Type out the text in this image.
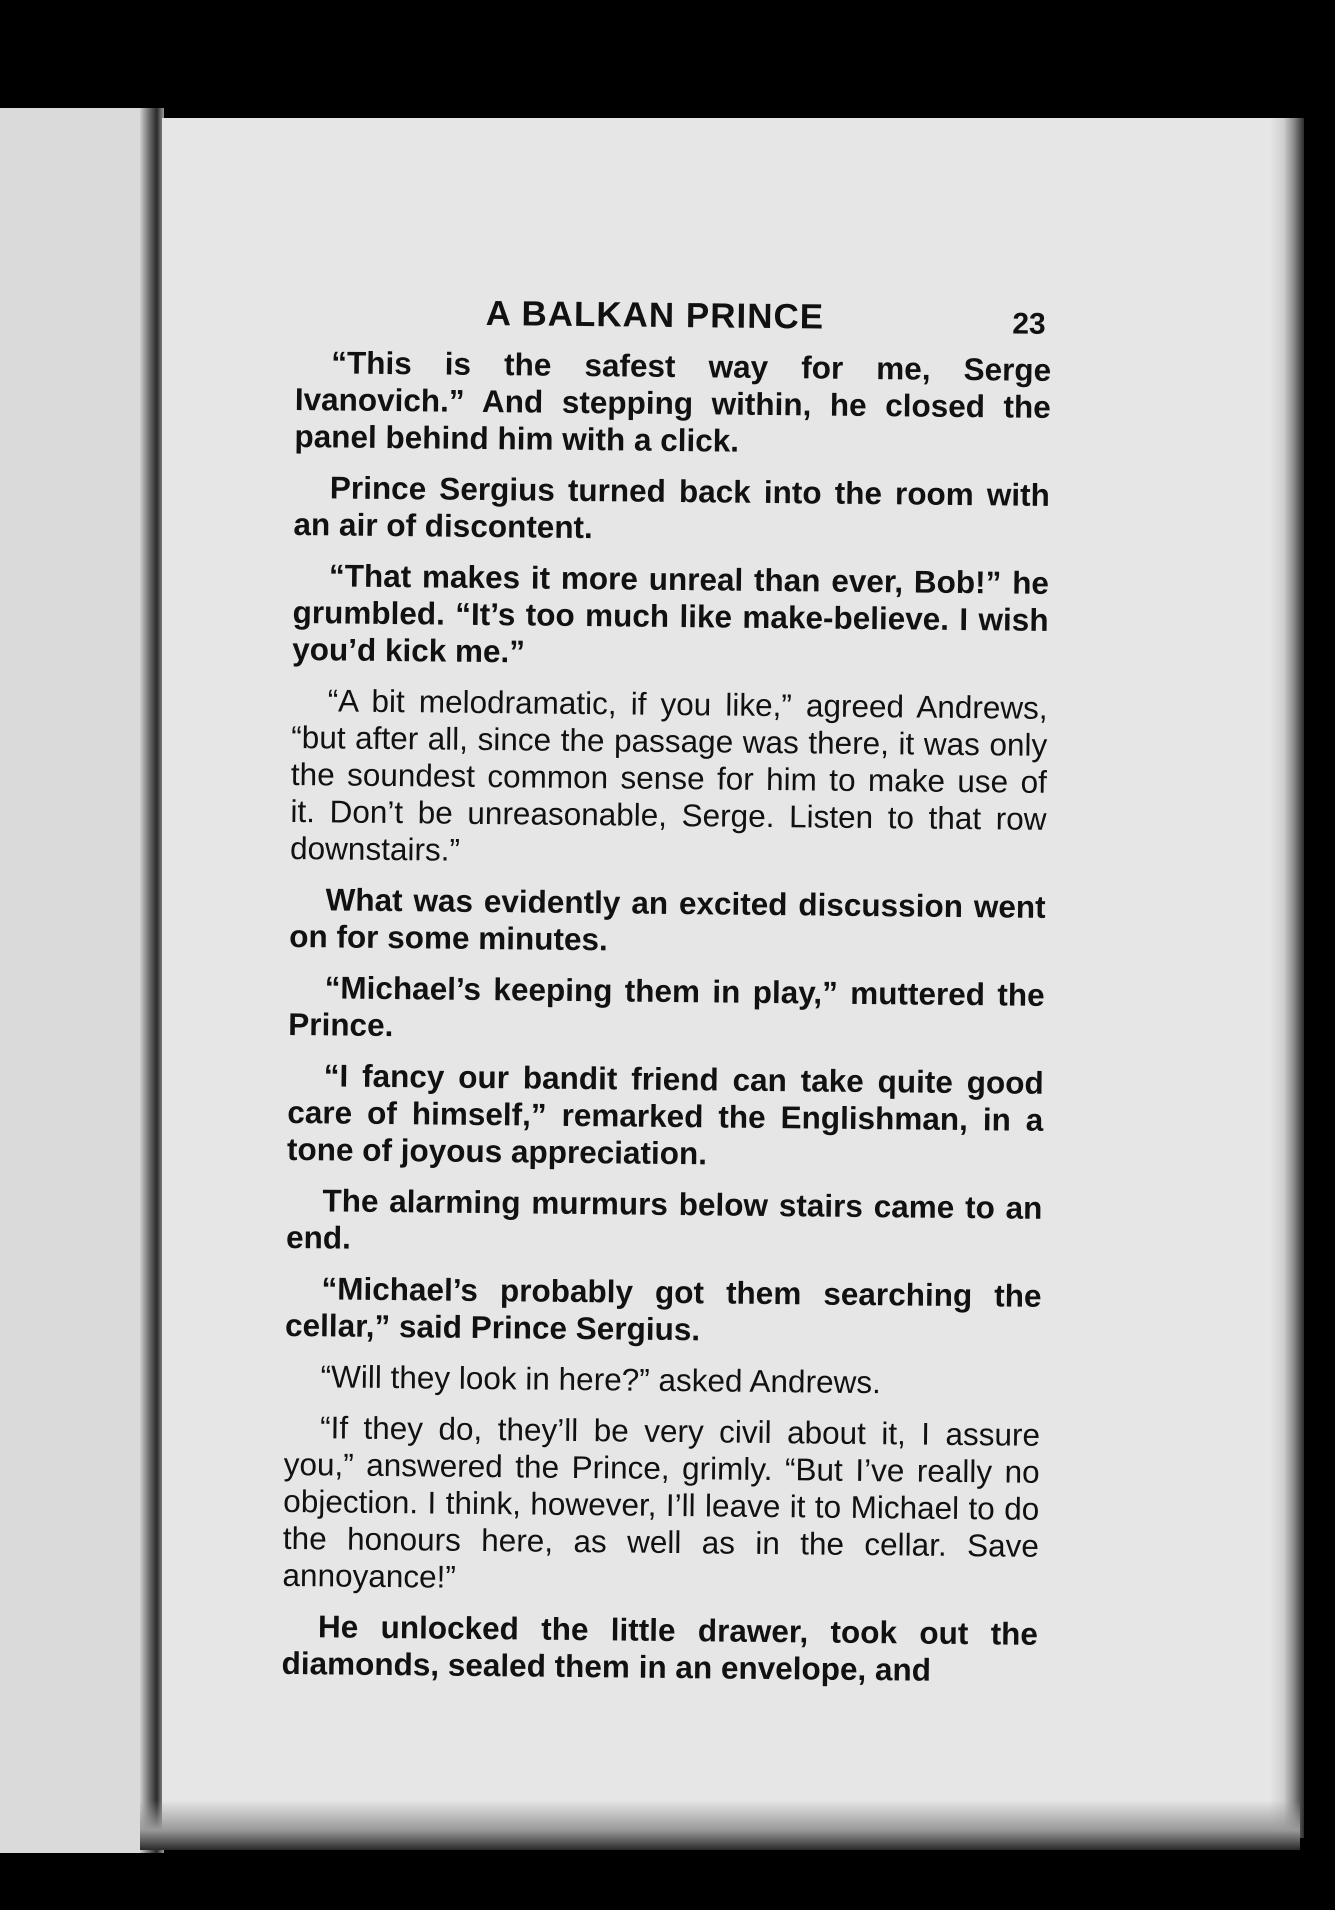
A BALKAN PRINCE	23

“This is the safest way for me, Serge Ivanovich.” And stepping within, he closed the panel behind him with a click.

Prince Sergius turned back into the room with an air of discontent.

“That makes it more unreal than ever, Bob!” he grumbled. “It’s too much like make-believe. I wish you’d kick me.”

“A bit melodramatic, if you like,” agreed Andrews, “but after all, since the passage was there, it was only the soundest common sense for him to make use of it. Don’t be unreasonable, Serge. Listen to that row downstairs.”

What was evidently an excited discussion went on for some minutes.

“Michael’s keeping them in play,” muttered the Prince.

“I fancy our bandit friend can take quite good care of himself,” remarked the Englishman, in a tone of joyous appreciation.

The alarming murmurs below stairs came to an end.

“Michael’s probably got them searching the cellar,” said Prince Sergius.

“Will they look in here?” asked Andrews.

“If they do, they’ll be very civil about it, I assure you,” answered the Prince, grimly. “But I’ve really no objection. I think, however, I’ll leave it to Michael to do the honours here, as well as in the cellar. Save annoyance!”

He unlocked the little drawer, took out the diamonds, sealed them in an envelope, and
